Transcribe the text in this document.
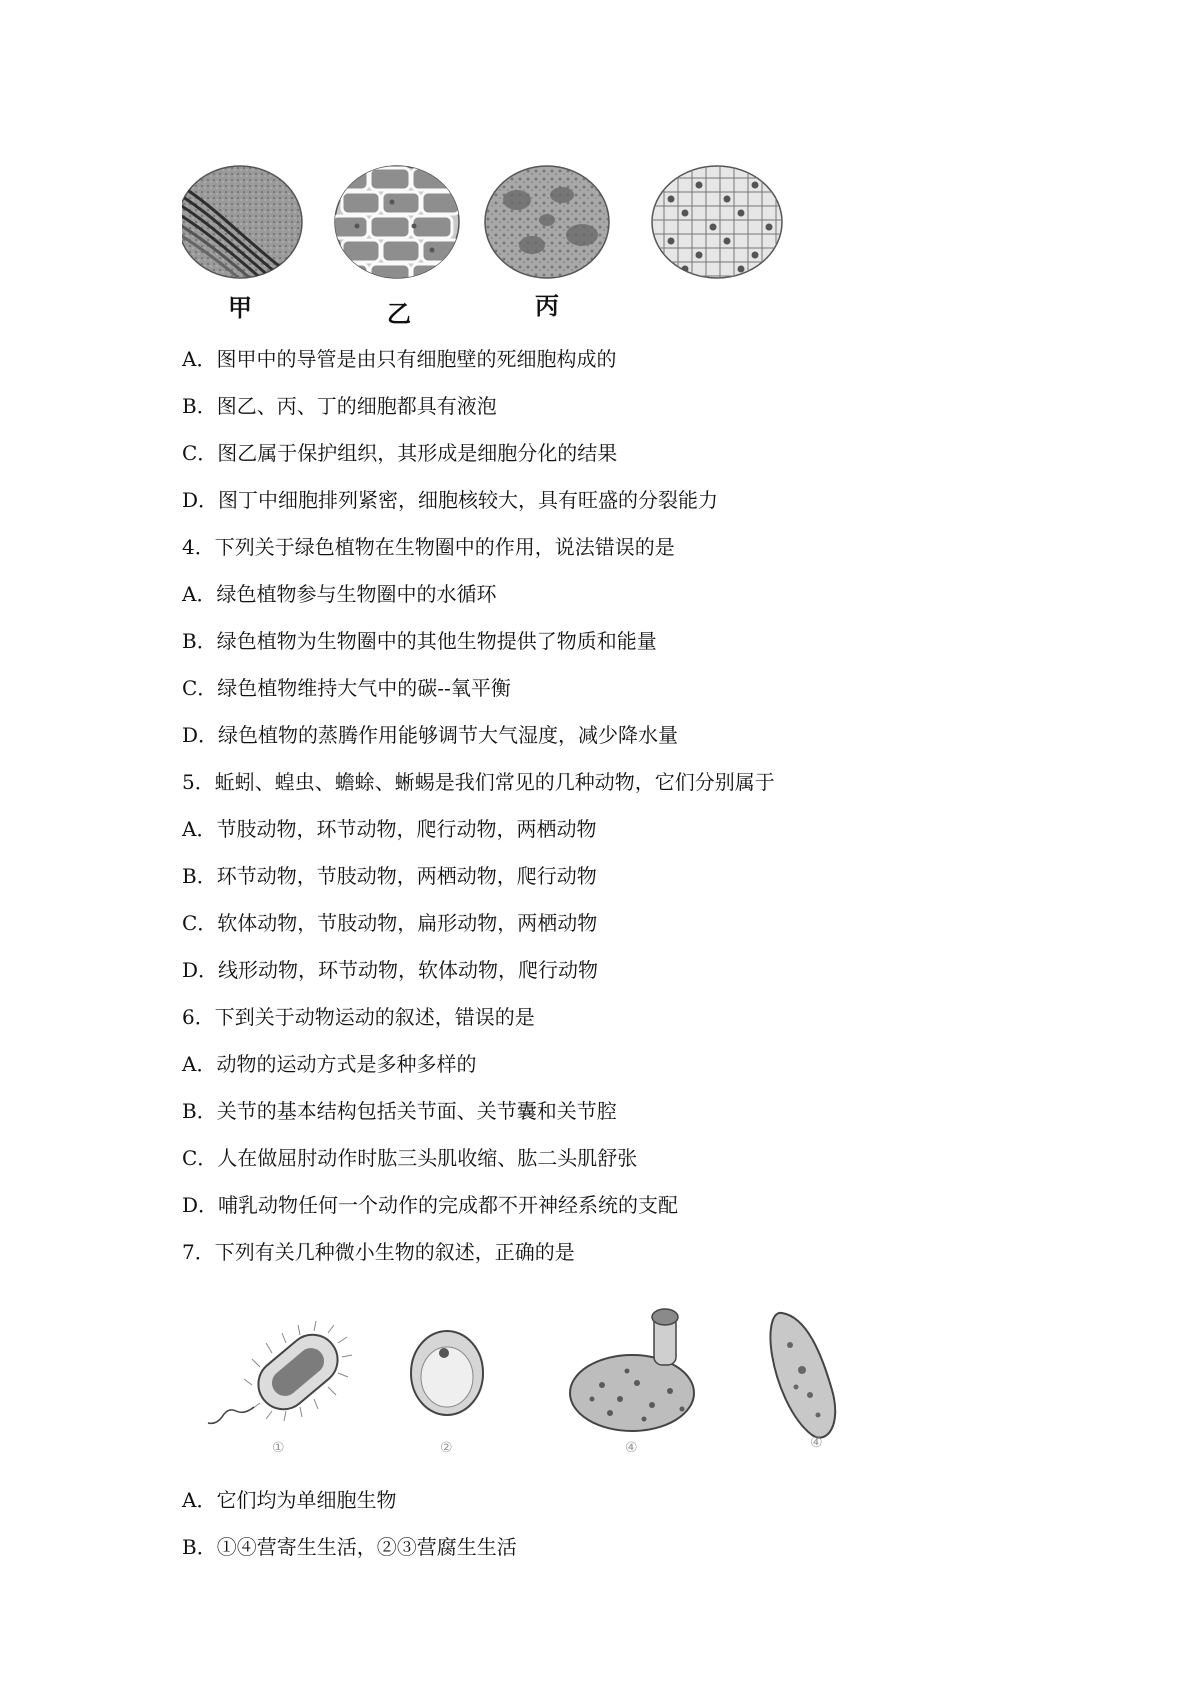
甲	乙	丙
A．图甲中的导管是由只有细胞壁的死细胞构成的
B．图乙、丙、丁的细胞都具有液泡
C．图乙属于保护组织，其形成是细胞分化的结果
D．图丁中细胞排列紧密，细胞核较大，具有旺盛的分裂能力
4．下列关于绿色植物在生物圈中的作用，说法错误的是
A．绿色植物参与生物圈中的水循环
B．绿色植物为生物圈中的其他生物提供了物质和能量
C．绿色植物维持大气中的碳--氧平衡
D．绿色植物的蒸腾作用能够调节大气湿度，减少降水量
5．蚯蚓、蝗虫、蟾蜍、蜥蜴是我们常见的几种动物，它们分别属于
A．节肢动物，环节动物，爬行动物，两栖动物
B．环节动物，节肢动物，两栖动物，爬行动物
C．软体动物，节肢动物，扁形动物，两栖动物
D．线形动物，环节动物，软体动物，爬行动物
6．下到关于动物运动的叙述，错误的是
A．动物的运动方式是多种多样的
B．关节的基本结构包括关节面、关节囊和关节腔
C．人在做屈肘动作时肱三头肌收缩、肱二头肌舒张
D．哺乳动物任何一个动作的完成都不开神经系统的支配
7．下列有关几种微小生物的叙述，正确的是
①	②	④	④
A．它们均为单细胞生物
B．①④营寄生生活，②③营腐生生活
